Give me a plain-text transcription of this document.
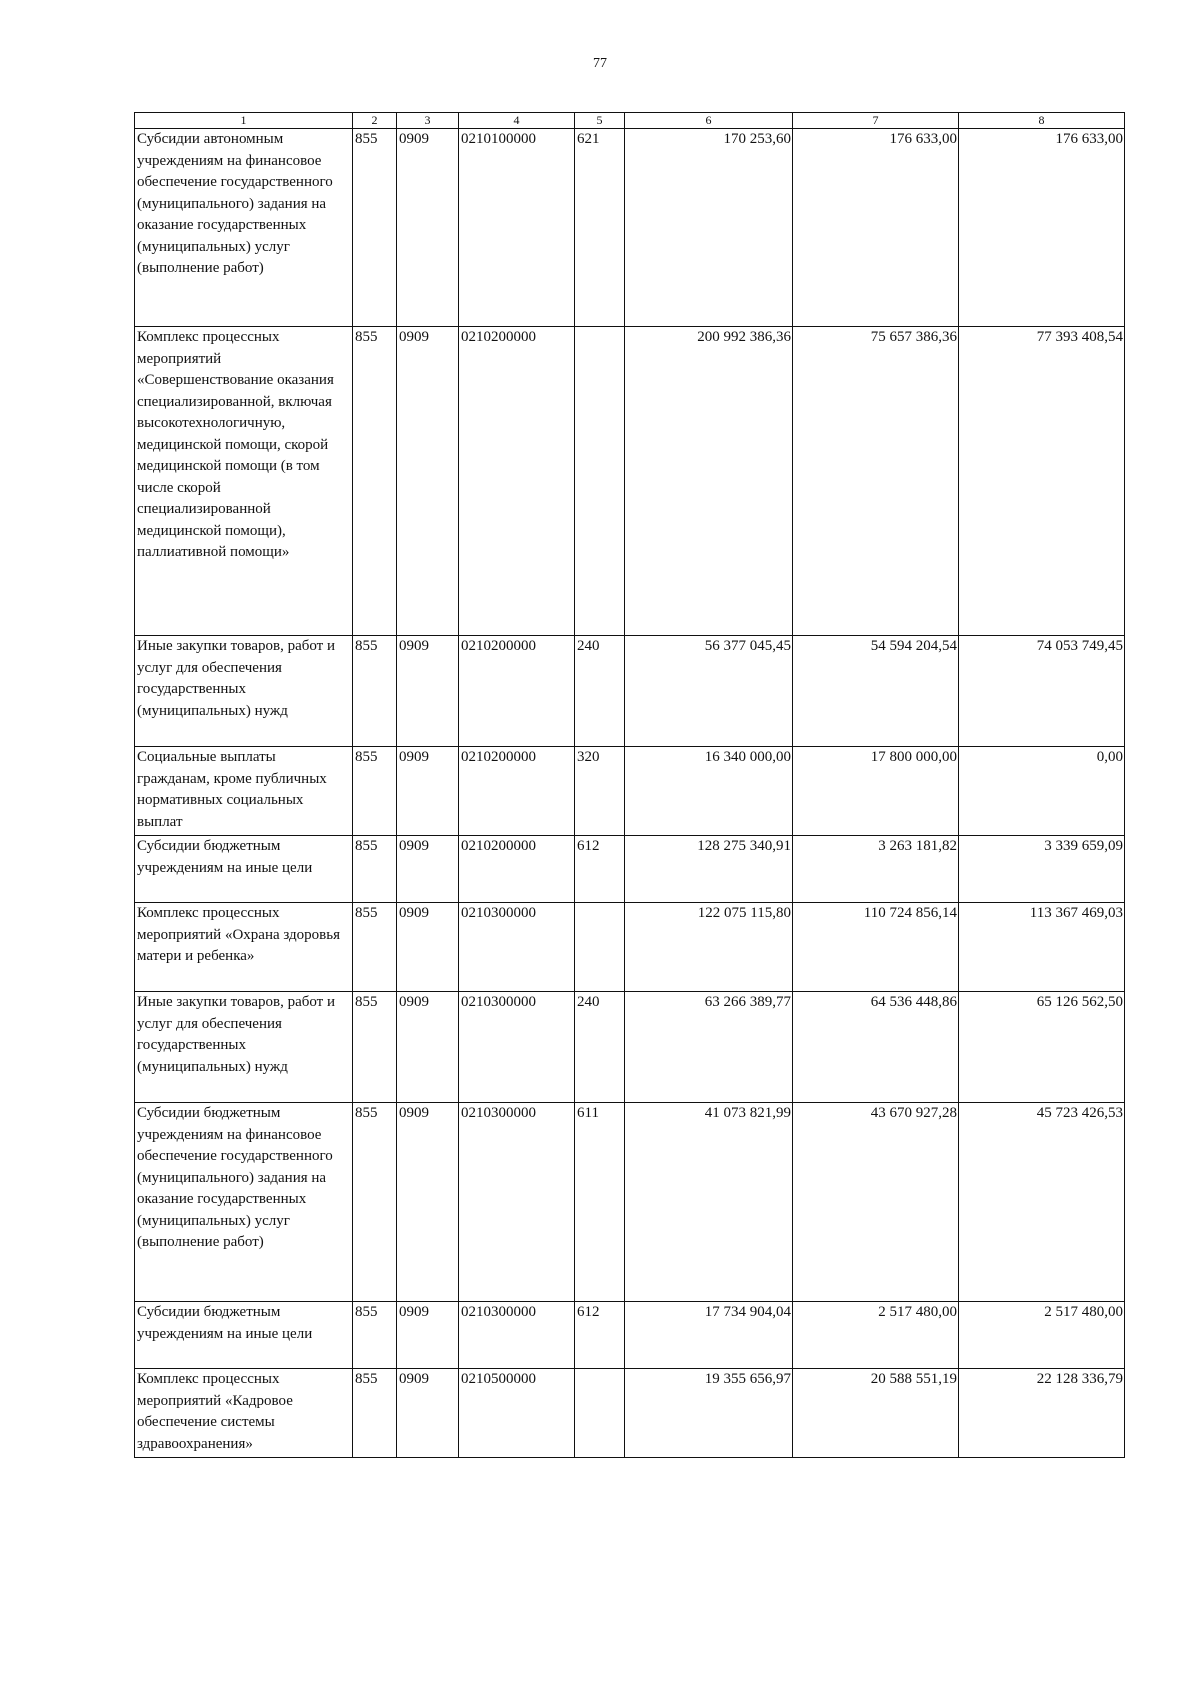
77
1	2	3	4	5	6	7	8
Субсидии автономным учреждениям на финансовое обеспечение государственного (муниципального) задания на оказание государственных (муниципальных) услуг (выполнение работ)	855	0909	0210100000	621	170 253,60	176 633,00	176 633,00
Комплекс процессных мероприятий «Совершенствование оказания специализированной, включая высокотехнологичную, медицинской помощи, скорой медицинской помощи (в том числе скорой специализированной медицинской помощи), паллиативной помощи»	855	0909	0210200000		200 992 386,36	75 657 386,36	77 393 408,54
Иные закупки товаров, работ и услуг для обеспечения государственных (муниципальных) нужд	855	0909	0210200000	240	56 377 045,45	54 594 204,54	74 053 749,45
Социальные выплаты гражданам, кроме публичных нормативных социальных выплат	855	0909	0210200000	320	16 340 000,00	17 800 000,00	0,00
Субсидии бюджетным учреждениям на иные цели	855	0909	0210200000	612	128 275 340,91	3 263 181,82	3 339 659,09
Комплекс процессных мероприятий «Охрана здоровья матери и ребенка»	855	0909	0210300000		122 075 115,80	110 724 856,14	113 367 469,03
Иные закупки товаров, работ и услуг для обеспечения государственных (муниципальных) нужд	855	0909	0210300000	240	63 266 389,77	64 536 448,86	65 126 562,50
Субсидии бюджетным учреждениям на финансовое обеспечение государственного (муниципального) задания на оказание государственных (муниципальных) услуг (выполнение работ)	855	0909	0210300000	611	41 073 821,99	43 670 927,28	45 723 426,53
Субсидии бюджетным учреждениям на иные цели	855	0909	0210300000	612	17 734 904,04	2 517 480,00	2 517 480,00
Комплекс процессных мероприятий «Кадровое обеспечение системы здравоохранения»	855	0909	0210500000		19 355 656,97	20 588 551,19	22 128 336,79
